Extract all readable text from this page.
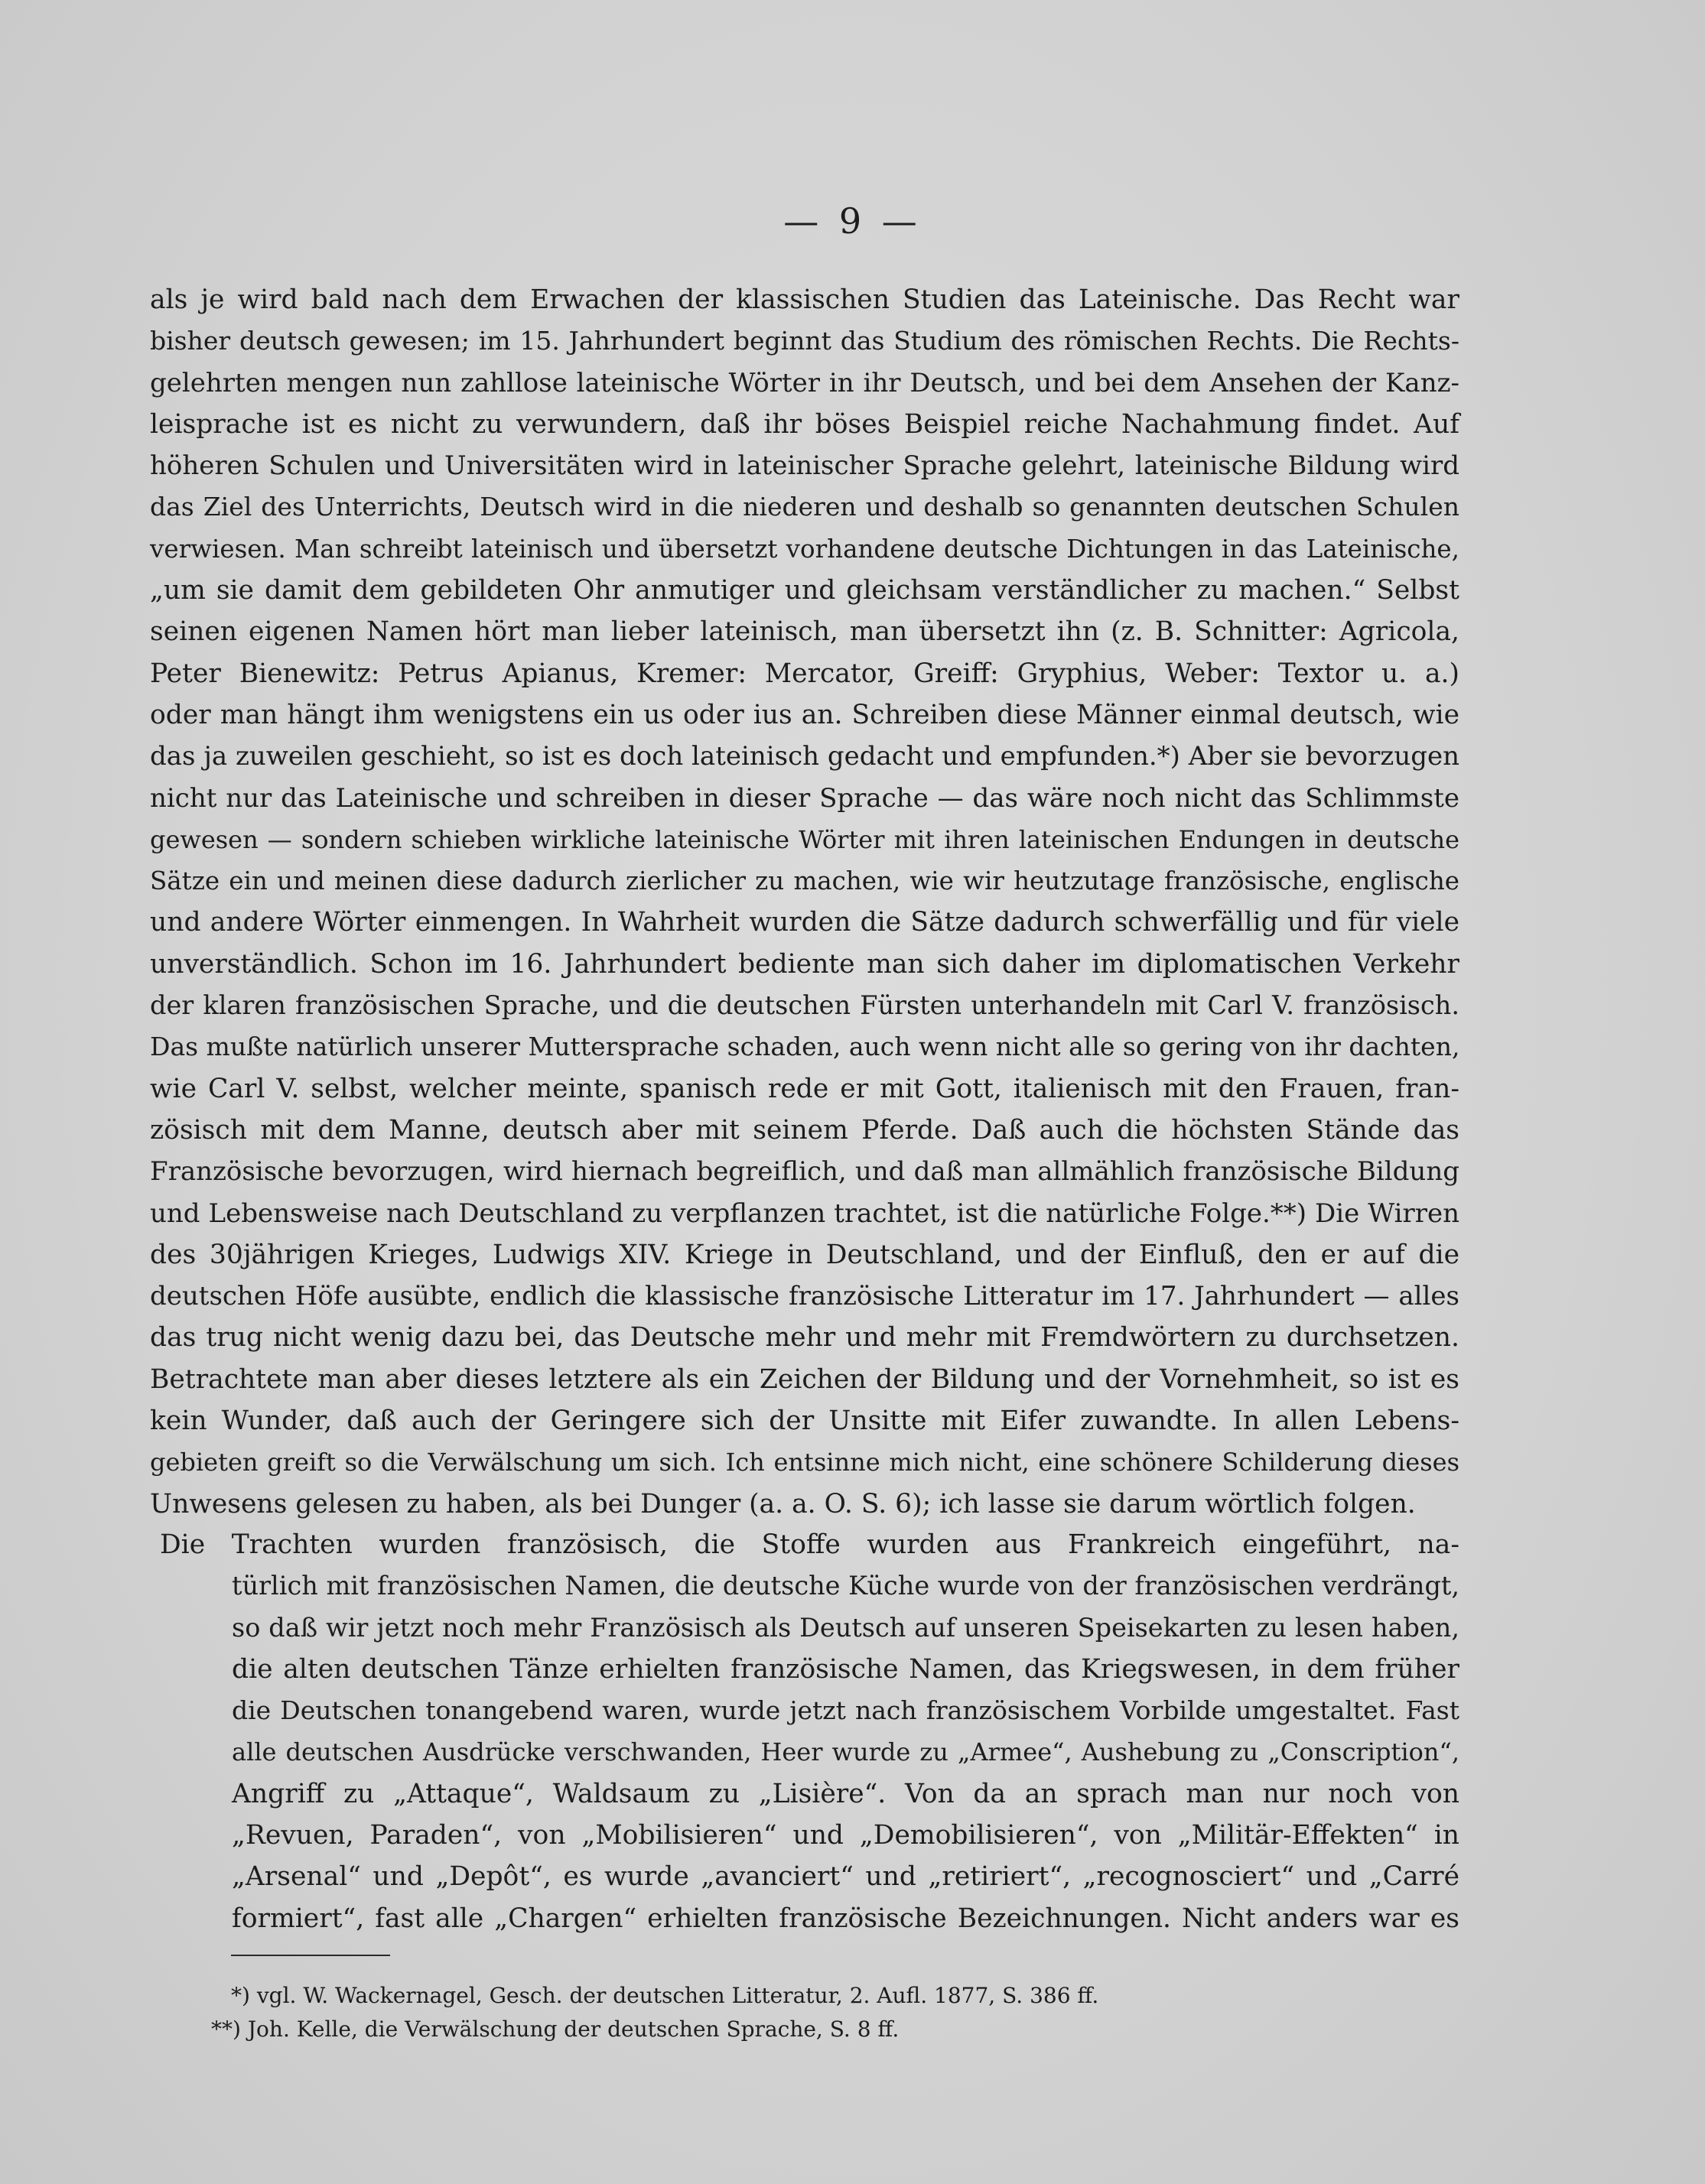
— 9 —
als je wird bald nach dem Erwachen der klassischen Studien das Lateinische. Das Recht war
bisher deutsch gewesen; im 15. Jahrhundert beginnt das Studium des römischen Rechts. Die Rechts-
gelehrten mengen nun zahllose lateinische Wörter in ihr Deutsch, und bei dem Ansehen der Kanz-
leisprache ist es nicht zu verwundern, daß ihr böses Beispiel reiche Nachahmung findet. Auf
höheren Schulen und Universitäten wird in lateinischer Sprache gelehrt, lateinische Bildung wird
das Ziel des Unterrichts, Deutsch wird in die niederen und deshalb so genannten deutschen Schulen
verwiesen. Man schreibt lateinisch und übersetzt vorhandene deutsche Dichtungen in das Lateinische,
„um sie damit dem gebildeten Ohr anmutiger und gleichsam verständlicher zu machen.“ Selbst
seinen eigenen Namen hört man lieber lateinisch, man übersetzt ihn (z. B. Schnitter: Agricola,
Peter Bienewitz: Petrus Apianus, Kremer: Mercator, Greiff: Gryphius, Weber: Textor u. a.)
oder man hängt ihm wenigstens ein us oder ius an. Schreiben diese Männer einmal deutsch, wie
das ja zuweilen geschieht, so ist es doch lateinisch gedacht und empfunden.*) Aber sie bevorzugen
nicht nur das Lateinische und schreiben in dieser Sprache — das wäre noch nicht das Schlimmste
gewesen — sondern schieben wirkliche lateinische Wörter mit ihren lateinischen Endungen in deutsche
Sätze ein und meinen diese dadurch zierlicher zu machen, wie wir heutzutage französische, englische
und andere Wörter einmengen. In Wahrheit wurden die Sätze dadurch schwerfällig und für viele
unverständlich. Schon im 16. Jahrhundert bediente man sich daher im diplomatischen Verkehr
der klaren französischen Sprache, und die deutschen Fürsten unterhandeln mit Carl V. französisch.
Das mußte natürlich unserer Muttersprache schaden, auch wenn nicht alle so gering von ihr dachten,
wie Carl V. selbst, welcher meinte, spanisch rede er mit Gott, italienisch mit den Frauen, fran-
zösisch mit dem Manne, deutsch aber mit seinem Pferde. Daß auch die höchsten Stände das
Französische bevorzugen, wird hiernach begreiflich, und daß man allmählich französische Bildung
und Lebensweise nach Deutschland zu verpflanzen trachtet, ist die natürliche Folge.**) Die Wirren
des 30jährigen Krieges, Ludwigs XIV. Kriege in Deutschland, und der Einfluß, den er auf die
deutschen Höfe ausübte, endlich die klassische französische Litteratur im 17. Jahrhundert — alles
das trug nicht wenig dazu bei, das Deutsche mehr und mehr mit Fremdwörtern zu durchsetzen.
Betrachtete man aber dieses letztere als ein Zeichen der Bildung und der Vornehmheit, so ist es
kein Wunder, daß auch der Geringere sich der Unsitte mit Eifer zuwandte. In allen Lebens-
gebieten greift so die Verwälschung um sich. Ich entsinne mich nicht, eine schönere Schilderung dieses
Unwesens gelesen zu haben, als bei Dunger (a. a. O. S. 6); ich lasse sie darum wörtlich folgen.
Die Trachten wurden französisch, die Stoffe wurden aus Frankreich eingeführt, na-
türlich mit französischen Namen, die deutsche Küche wurde von der französischen verdrängt,
so daß wir jetzt noch mehr Französisch als Deutsch auf unseren Speisekarten zu lesen haben,
die alten deutschen Tänze erhielten französische Namen, das Kriegswesen, in dem früher
die Deutschen tonangebend waren, wurde jetzt nach französischem Vorbilde umgestaltet. Fast
alle deutschen Ausdrücke verschwanden, Heer wurde zu „Armee“, Aushebung zu „Conscription“,
Angriff zu „Attaque“, Waldsaum zu „Lisière“. Von da an sprach man nur noch von
„Revuen, Paraden“, von „Mobilisieren“ und „Demobilisieren“, von „Militär-Effekten“ in
„Arsenal“ und „Depôt“, es wurde „avanciert“ und „retiriert“, „recognosciert“ und „Carré
formiert“, fast alle „Chargen“ erhielten französische Bezeichnungen. Nicht anders war es
*) vgl. W. Wackernagel, Gesch. der deutschen Litteratur, 2. Aufl. 1877, S. 386 ff.
**) Joh. Kelle, die Verwälschung der deutschen Sprache, S. 8 ff.
